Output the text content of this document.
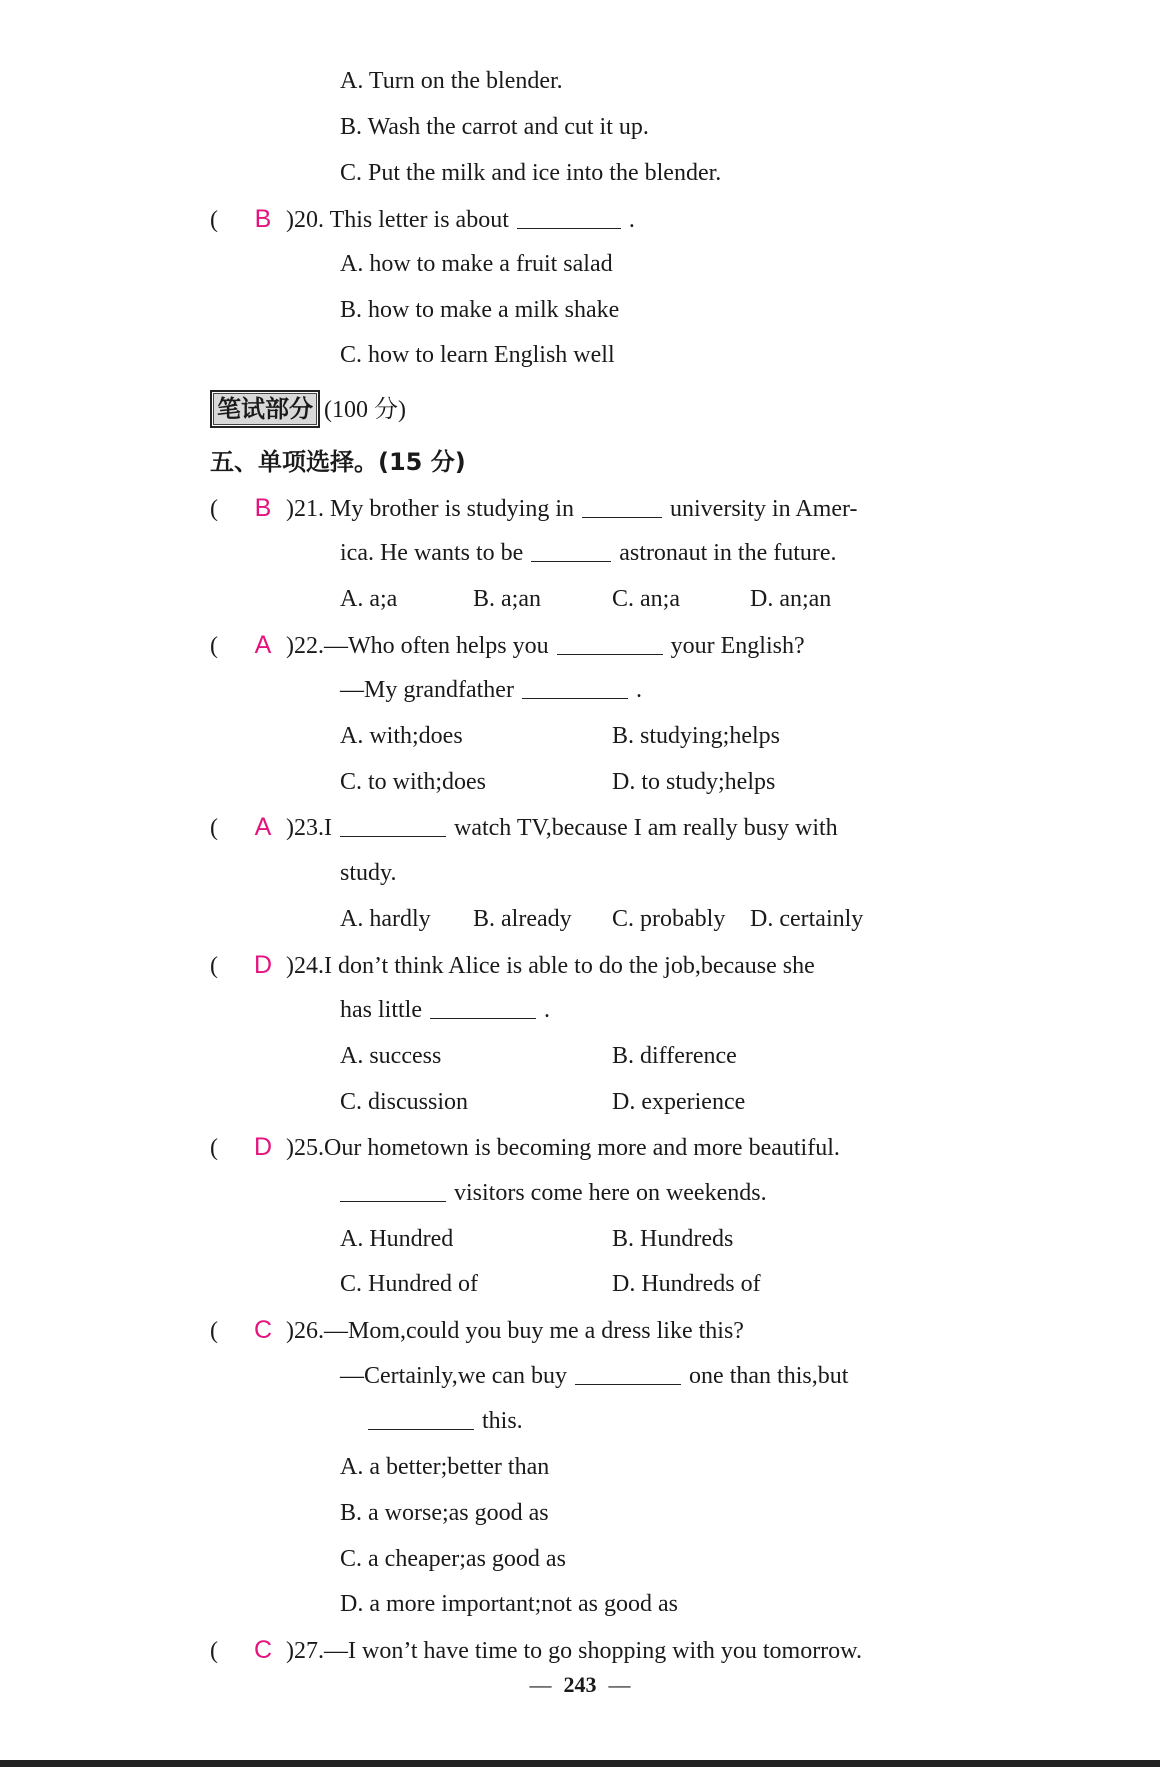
A. Turn on the blender.
B. Wash the carrot and cut it up.
C. Put the milk and ice into the blender.
( B )20. This letter is about	.
A. how to make a fruit salad
B. how to make a milk shake
C. how to learn English well
笔试部分 (100 分)
五、单项选择。(15 分)
( B )21. My brother is studying in	university in Amer-
ica. He wants to be	astronaut in the future.
A. a;a	B. a;an	C. an;a	D. an;an
( A )22.—Who often helps you	your English?
—My grandfather	.
A. with;does	B. studying;helps
C. to with;does	D. to study;helps
( A )23.I	watch TV,because I am really busy with
study.
A. hardly B. already C. probably D. certainly
( D )24.I don’t think Alice is able to do the job,because she
has little	.
A. success	B. difference
C. discussion	D. experience
( D )25.Our hometown is becoming more and more beautiful.
visitors come here on weekends.
A. Hundred	B. Hundreds
C. Hundred of	D. Hundreds of
( C )26.—Mom,could you buy me a dress like this?
—Certainly,we can buy	one than this,but
this.
A. a better;better than
B. a worse;as good as
C. a cheaper;as good as
D. a more important;not as good as
( C )27.—I won’t have time to go shopping with you tomorrow.
— 243 —
